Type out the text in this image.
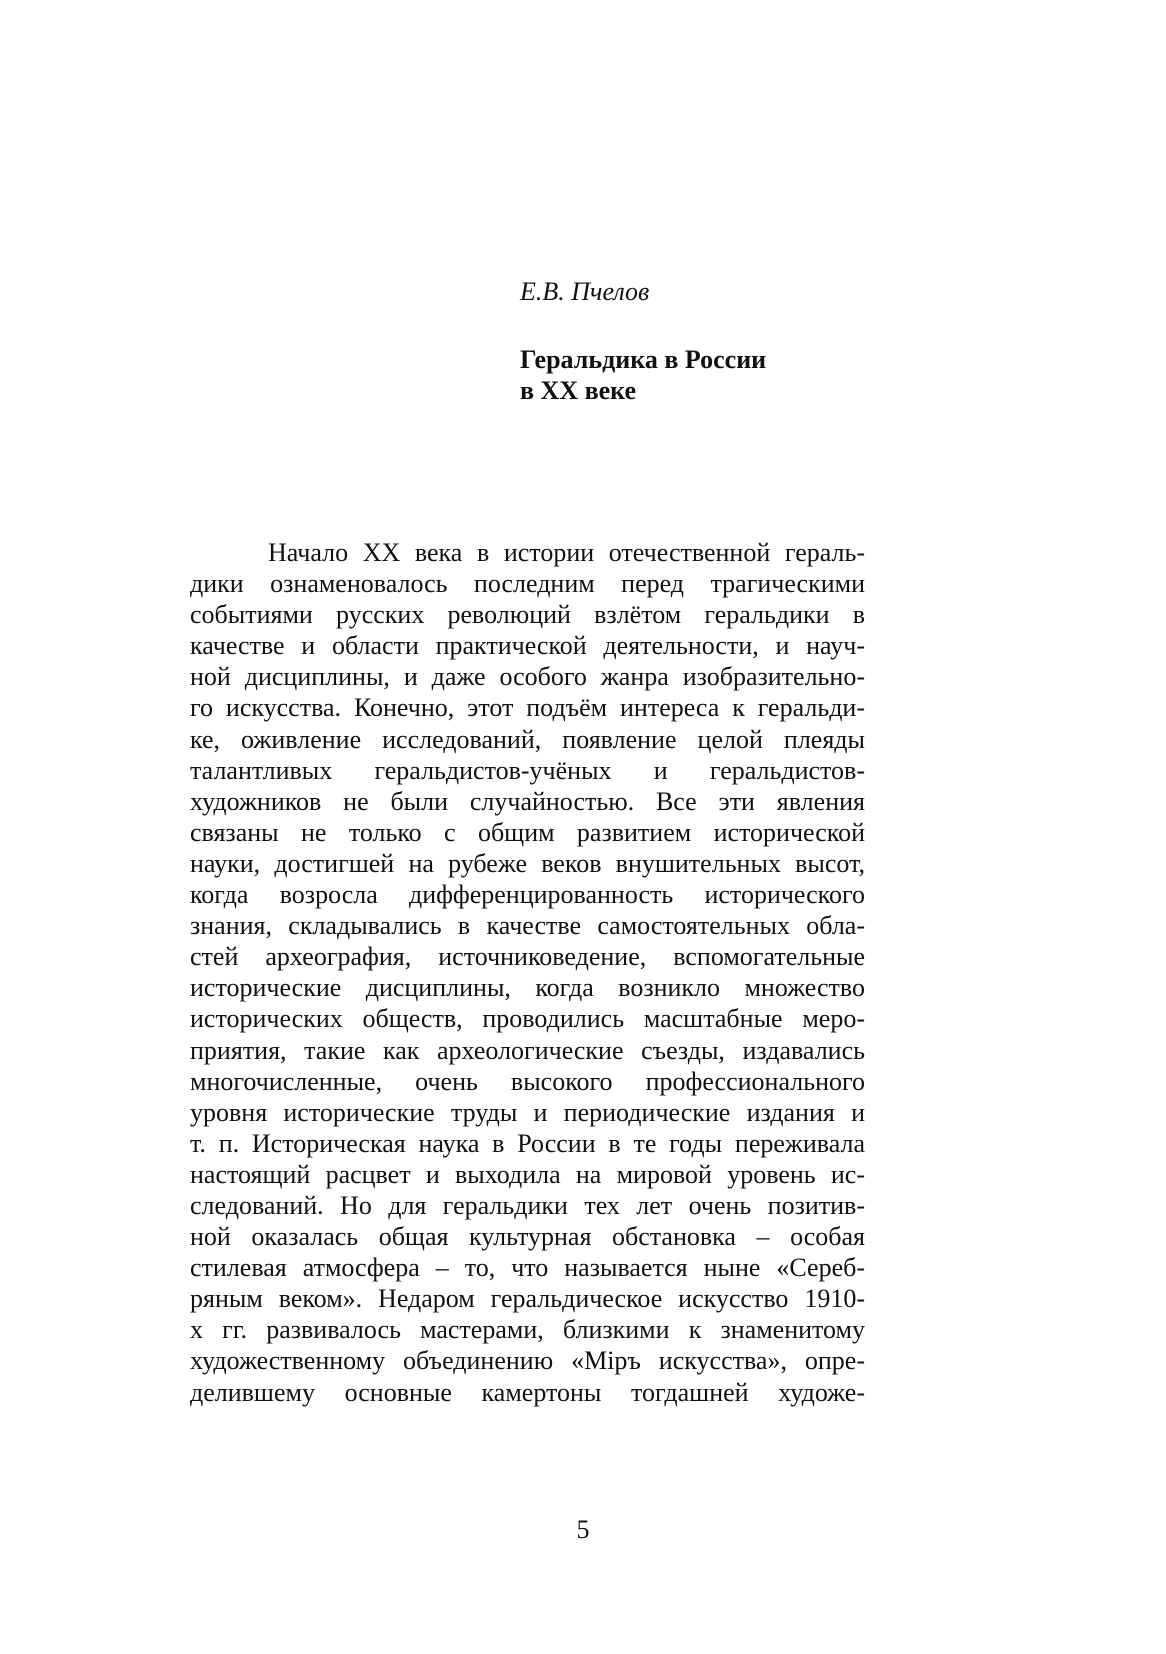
Е.В. Пчелов
Геральдика в России
в XX веке
Начало XX века в истории отечественной гераль-
дики ознаменовалось последним перед трагическими
событиями русских революций взлётом геральдики в
качестве и области практической деятельности, и науч-
ной дисциплины, и даже особого жанра изобразительно-
го искусства. Конечно, этот подъём интереса к геральди-
ке, оживление исследований, появление целой плеяды
талантливых геральдистов-учёных и геральдистов-
художников не были случайностью. Все эти явления
связаны не только с общим развитием исторической
науки, достигшей на рубеже веков внушительных высот,
когда возросла дифференцированность исторического
знания, складывались в качестве самостоятельных обла-
стей археография, источниковедение, вспомогательные
исторические дисциплины, когда возникло множество
исторических обществ, проводились масштабные меро-
приятия, такие как археологические съезды, издавались
многочисленные, очень высокого профессионального
уровня исторические труды и периодические издания и
т. п. Историческая наука в России в те годы переживала
настоящий расцвет и выходила на мировой уровень ис-
следований. Но для геральдики тех лет очень позитив-
ной оказалась общая культурная обстановка – особая
стилевая атмосфера – то, что называется ныне «Сереб-
ряным веком». Недаром геральдическое искусство 1910-
х гг. развивалось мастерами, близкими к знаменитому
художественному объединению «Міръ искусства», опре-
делившему основные камертоны тогдашней художе-
5
